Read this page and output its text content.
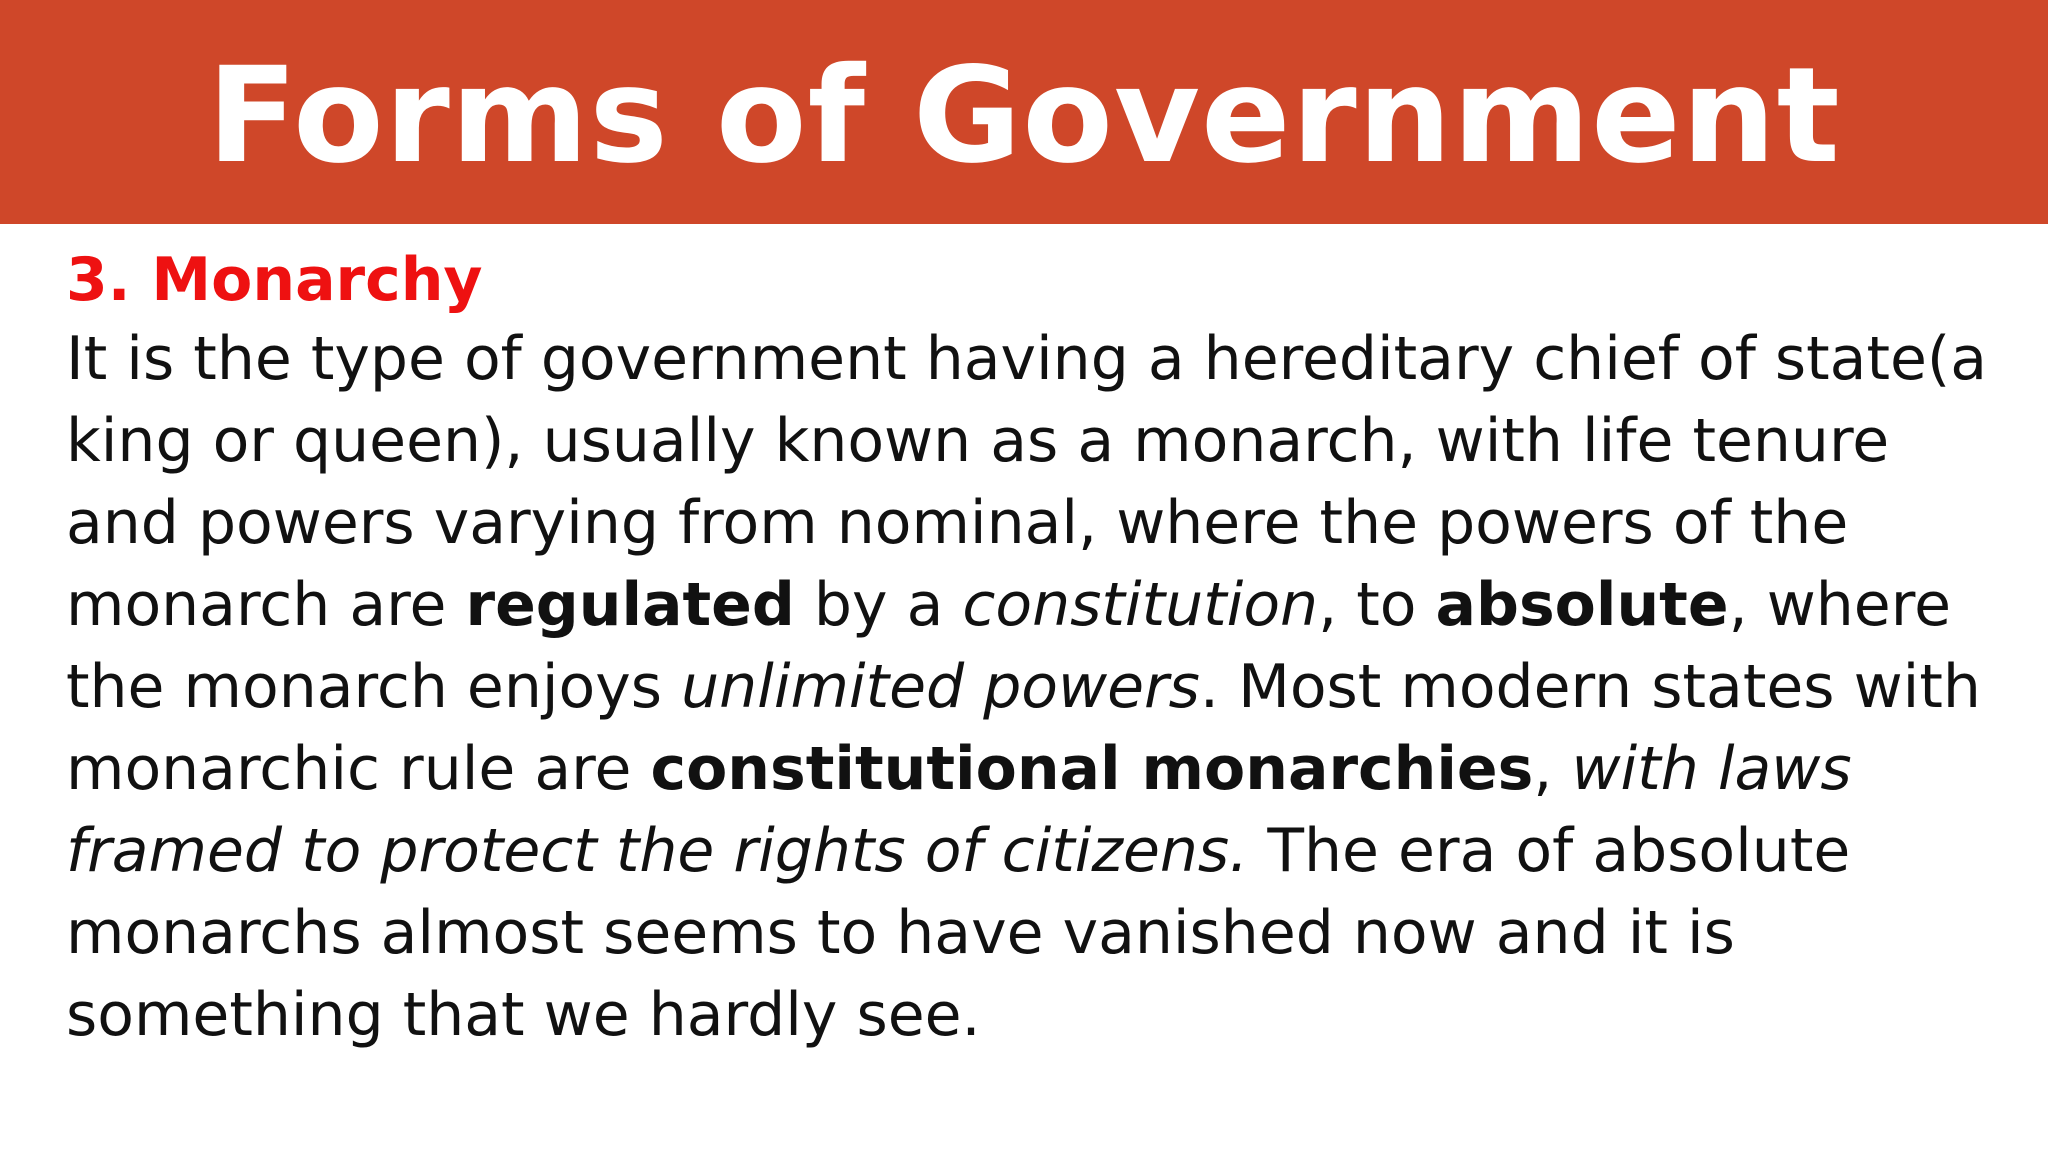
Forms of Government
3. Monarchy
It is the type of government having a hereditary chief of state(a
king or queen), usually known as a monarch, with life tenure
and powers varying from nominal, where the powers of the
monarch are regulated by a constitution, to absolute, where
the monarch enjoys unlimited powers. Most modern states with
monarchic rule are constitutional monarchies, with laws
framed to protect the rights of citizens. The era of absolute
monarchs almost seems to have vanished now and it is
something that we hardly see.
